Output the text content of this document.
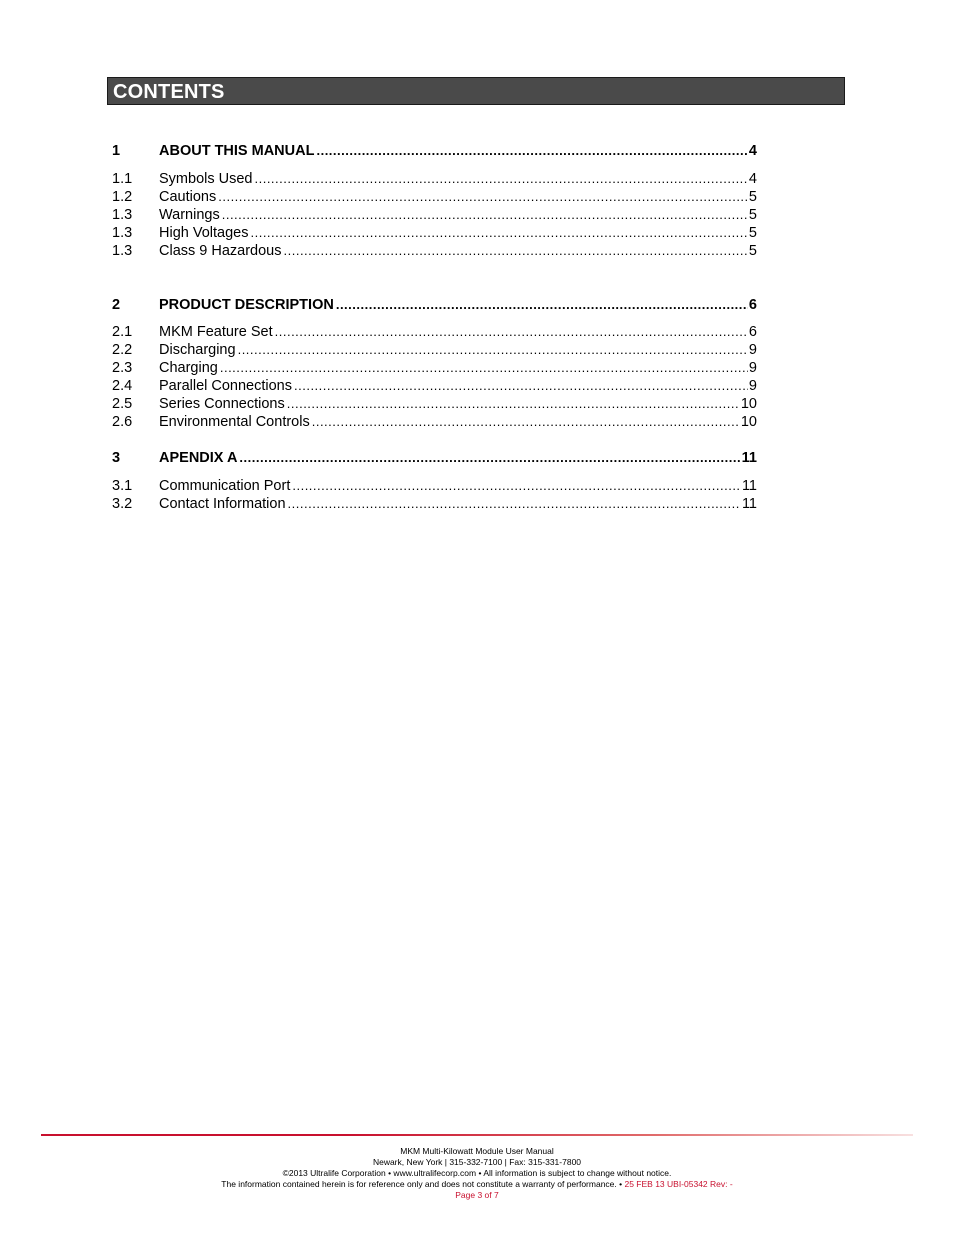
CONTENTS
1	ABOUT THIS MANUAL .....	4
1.1	Symbols Used .....	4
1.2	Cautions .....	5
1.3	Warnings .....	5
1.3	High Voltages .....	5
1.3	Class 9 Hazardous .....	5
2	PRODUCT DESCRIPTION .....	6
2.1	MKM Feature Set .....	6
2.2	Discharging .....	9
2.3	Charging .....	9
2.4	Parallel Connections .....	9
2.5	Series Connections .....	10
2.6	Environmental Controls .....	10
3	APENDIX A .....	11
3.1	Communication Port .....	11
3.2	Contact Information .....	11
MKM Multi-Kilowatt Module User Manual
Newark, New York | 315-332-7100 | Fax: 315-331-7800
©2013 Ultralife Corporation • www.ultralifecorp.com • All information is subject to change without notice.
The information contained herein is for reference only and does not constitute a warranty of performance. • 25 FEB 13 UBI-05342 Rev: -
Page 3 of 7
